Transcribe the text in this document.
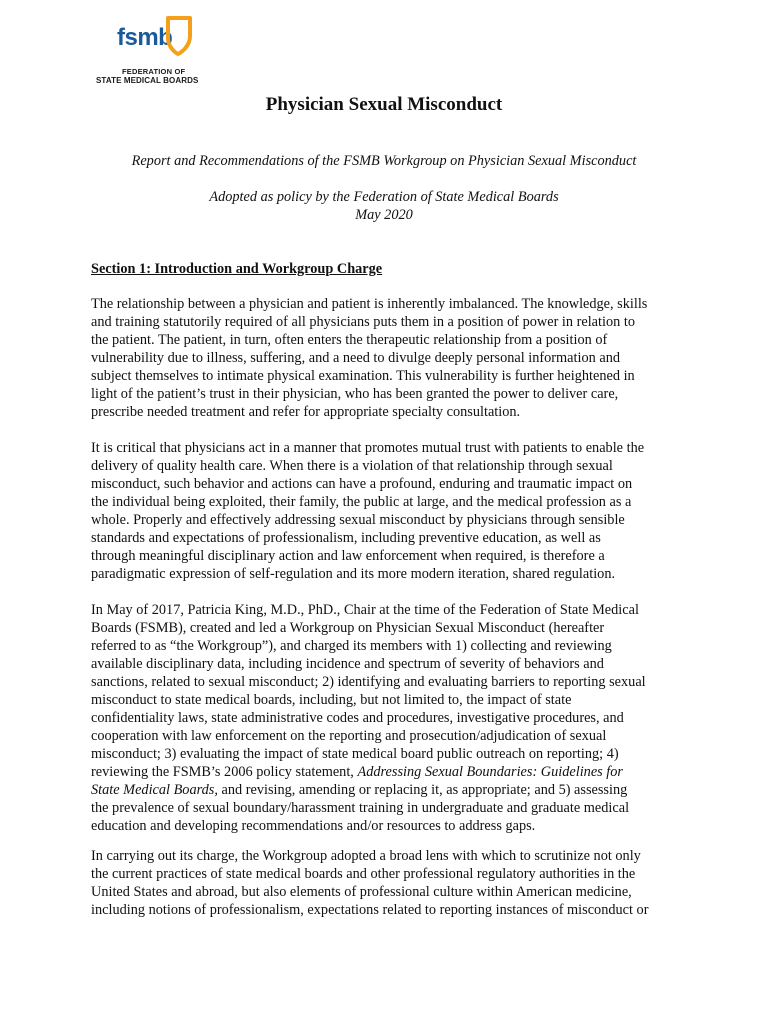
fsmb
FEDERATION OF
STATE MEDICAL BOARDS
Physician Sexual Misconduct
Report and Recommendations of the FSMB Workgroup on Physician Sexual Misconduct
Adopted as policy by the Federation of State Medical Boards
May 2020
Section 1: Introduction and Workgroup Charge
The relationship between a physician and patient is inherently imbalanced. The knowledge, skills
and training statutorily required of all physicians puts them in a position of power in relation to
the patient. The patient, in turn, often enters the therapeutic relationship from a position of
vulnerability due to illness, suffering, and a need to divulge deeply personal information and
subject themselves to intimate physical examination. This vulnerability is further heightened in
light of the patient’s trust in their physician, who has been granted the power to deliver care,
prescribe needed treatment and refer for appropriate specialty consultation.
It is critical that physicians act in a manner that promotes mutual trust with patients to enable the
delivery of quality health care. When there is a violation of that relationship through sexual
misconduct, such behavior and actions can have a profound, enduring and traumatic impact on
the individual being exploited, their family, the public at large, and the medical profession as a
whole. Properly and effectively addressing sexual misconduct by physicians through sensible
standards and expectations of professionalism, including preventive education, as well as
through meaningful disciplinary action and law enforcement when required, is therefore a
paradigmatic expression of self-regulation and its more modern iteration, shared regulation.
In May of 2017, Patricia King, M.D., PhD., Chair at the time of the Federation of State Medical
Boards (FSMB), created and led a Workgroup on Physician Sexual Misconduct (hereafter
referred to as “the Workgroup”), and charged its members with 1) collecting and reviewing
available disciplinary data, including incidence and spectrum of severity of behaviors and
sanctions, related to sexual misconduct; 2) identifying and evaluating barriers to reporting sexual
misconduct to state medical boards, including, but not limited to, the impact of state
confidentiality laws, state administrative codes and procedures, investigative procedures, and
cooperation with law enforcement on the reporting and prosecution/adjudication of sexual
misconduct; 3) evaluating the impact of state medical board public outreach on reporting; 4)
reviewing the FSMB’s 2006 policy statement, Addressing Sexual Boundaries: Guidelines for
State Medical Boards, and revising, amending or replacing it, as appropriate; and 5) assessing
the prevalence of sexual boundary/harassment training in undergraduate and graduate medical
education and developing recommendations and/or resources to address gaps.
In carrying out its charge, the Workgroup adopted a broad lens with which to scrutinize not only
the current practices of state medical boards and other professional regulatory authorities in the
United States and abroad, but also elements of professional culture within American medicine,
including notions of professionalism, expectations related to reporting instances of misconduct or
